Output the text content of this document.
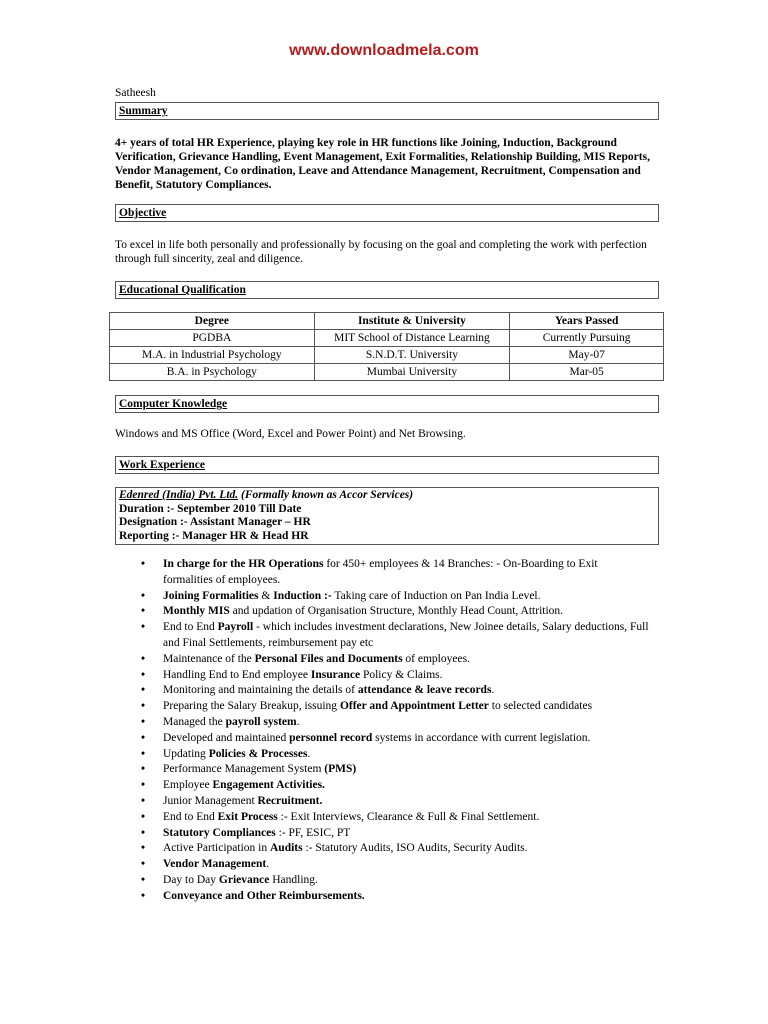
www.downloadmela.com

Satheesh

Summary

4+ years of total HR Experience, playing key role in HR functions like Joining, Induction, Background Verification, Grievance Handling, Event Management, Exit Formalities, Relationship Building, MIS Reports, Vendor Management, Co ordination, Leave and Attendance Management, Recruitment, Compensation and Benefit, Statutory Compliances.

Objective

To excel in life both personally and professionally by focusing on the goal and completing the work with perfection through full sincerity, zeal and diligence.

Educational Qualification
Degree	Institute & University	Years Passed
PGDBA	MIT School of Distance Learning	Currently Pursuing
M.A. in Industrial Psychology	S.N.D.T. University	May-07
B.A. in Psychology	Mumbai University	Mar-05
Computer Knowledge

Windows and MS Office (Word, Excel and Power Point) and Net Browsing.

Work Experience
Edenred (India) Pvt. Ltd. (Formally known as Accor Services)
Duration :- September 2010 Till Date
Designation :- Assistant Manager – HR
Reporting :- Manager HR & Head HR
• In charge for the HR Operations for 450+ employees & 14 Branches: - On-Boarding to Exit formalities of employees.
• Joining Formalities & Induction :- Taking care of Induction on Pan India Level.
• Monthly MIS and updation of Organisation Structure, Monthly Head Count, Attrition.
• End to End Payroll - which includes investment declarations, New Joinee details, Salary deductions, Full and Final Settlements, reimbursement pay etc
• Maintenance of the Personal Files and Documents of employees.
• Handling End to End employee Insurance Policy & Claims.
• Monitoring and maintaining the details of attendance & leave records.
• Preparing the Salary Breakup, issuing Offer and Appointment Letter to selected candidates
• Managed the payroll system.
• Developed and maintained personnel record systems in accordance with current legislation.
• Updating Policies & Processes.
• Performance Management System (PMS)
• Employee Engagement Activities.
• Junior Management Recruitment.
• End to End Exit Process :- Exit Interviews, Clearance & Full & Final Settlement.
• Statutory Compliances :- PF, ESIC, PT
• Active Participation in Audits :- Statutory Audits, ISO Audits, Security Audits.
• Vendor Management.
• Day to Day Grievance Handling.
• Conveyance and Other Reimbursements.
